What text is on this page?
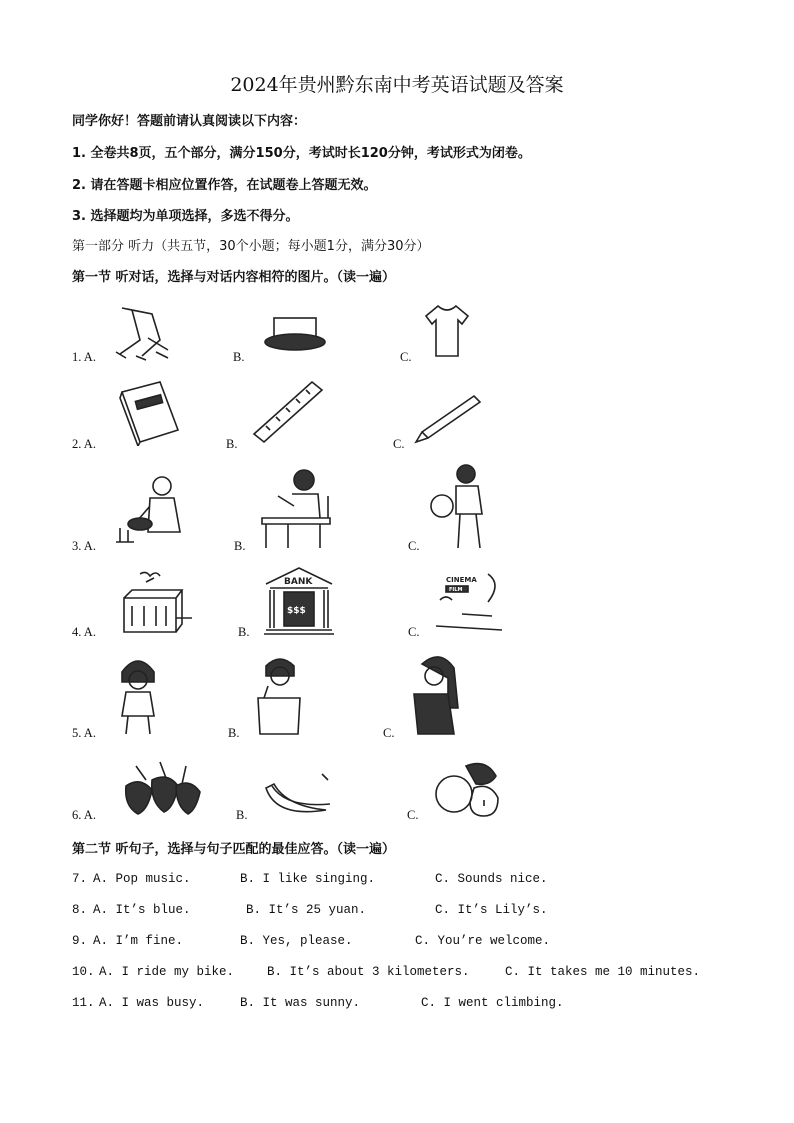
2024年贵州黔东南中考英语试题及答案
同学你好！答题前请认真阅读以下内容：
1. 全卷共8页，五个部分，满分150分，考试时长120分钟，考试形式为闭卷。
2. 请在答题卡相应位置作答，在试题卷上答题无效。
3. 选择题均为单项选择，多选不得分。
第一部分 听力（共五节，30个小题；每小题1分，满分30分）
第一节 听对话，选择与对话内容相符的图片。（读一遍）
1. A.	B.	C.
2. A.	B.	C.
3. A.	B.	C.
4. A.	B.	C.
5. A.	B.	C.
6. A.	B.	C.
BANK
$$$
CINEMA
FILM
第二节 听句子，选择与句子匹配的最佳应答。（读一遍）
7. A. Pop music.	B. I like singing.	C. Sounds nice.
8. A. It’s blue.	B. It’s 25 yuan.	C. It’s Lily’s.
9. A. I’m fine.	B. Yes, please.	C. You’re welcome.
10. A. I ride my bike.	B. It’s about 3 kilometers.	C. It takes me 10 minutes.
11. A. I was busy.	B. It was sunny.	C. I went climbing.
